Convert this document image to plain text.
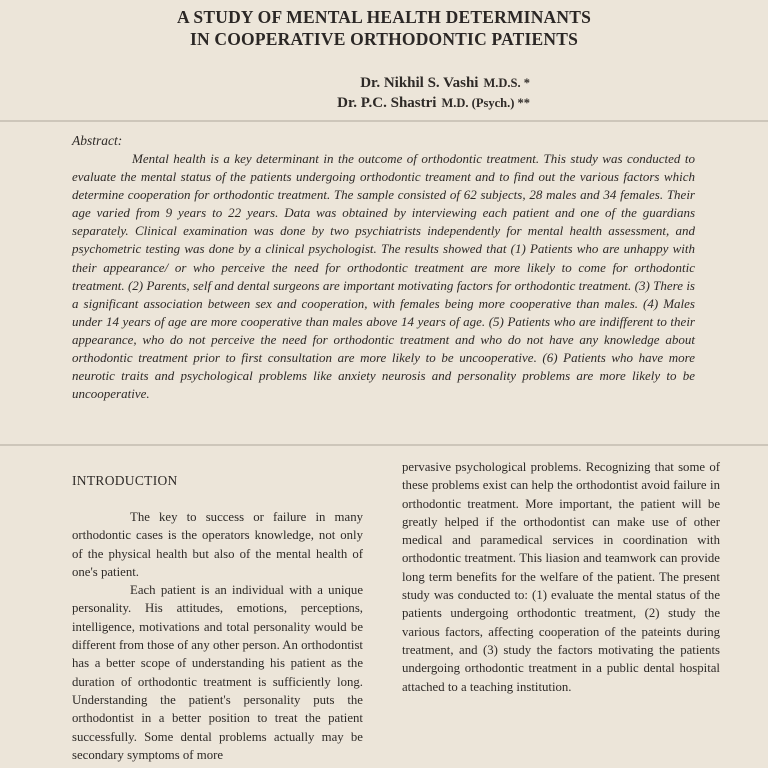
A STUDY OF MENTAL HEALTH DETERMINANTS
IN COOPERATIVE ORTHODONTIC PATIENTS
Dr. Nikhil S. Vashi M.D.S. *
Dr. P.C. Shastri M.D. (Psych.) **
Abstract:
Mental health is a key determinant in the outcome of orthodontic treatment. This study was conducted to evaluate the mental status of the patients undergoing orthodontic treament and to find out the various factors which determine cooperation for orthodontic treatment. The sample consisted of 62 subjects, 28 males and 34 females. Their age varied from 9 years to 22 years. Data was obtained by interviewing each patient and one of the guardians separately. Clinical examination was done by two psychiatrists independently for mental health assessment, and psychometric testing was done by a clinical psychologist. The results showed that (1) Patients who are unhappy with their appearance/ or who perceive the need for orthodontic treatment are more likely to come for orthodontic treatment. (2) Parents, self and dental surgeons are important motivating factors for orthodontic treatment. (3) There is a significant association between sex and cooperation, with females being more cooperative than males. (4) Males under 14 years of age are more cooperative than males above 14 years of age. (5) Patients who are indifferent to their appearance, who do not perceive the need for orthodontic treatment and who do not have any knowledge about orthodontic treatment prior to first consultation are more likely to be uncooperative. (6) Patients who have more neurotic traits and psychological problems like anxiety neurosis and personality problems are more likely to be uncooperative.
INTRODUCTION

The key to success or failure in many orthodontic cases is the operators knowledge, not only of the physical health but also of the mental health of one's patient.

Each patient is an individual with a unique personality. His attitudes, emotions, perceptions, intelligence, motivations and total personality would be different from those of any other person. An orthodontist has a better scope of understanding his patient as the duration of orthodontic treatment is sufficiently long. Understanding the patient's personality puts the orthodontist in a better position to treat the patient successfully. Some dental problems actually may be secondary symptoms of more

pervasive psychological problems. Recognizing that some of these problems exist can help the orthodontist avoid failure in orthodontic treatment. More important, the patient will be greatly helped if the orthodontist can make use of other medical and paramedical services in coordination with orthodontic treatment. This liasion and teamwork can provide long term benefits for the welfare of the patient. The present study was conducted to: (1) evaluate the mental status of the patients undergoing orthodontic treatment, (2) study the various factors, affecting cooperation of the pateints during treatment, and (3) study the factors motivating the patients undergoing orthodontic treatment in a public dental hospital attached to a teaching institution.
